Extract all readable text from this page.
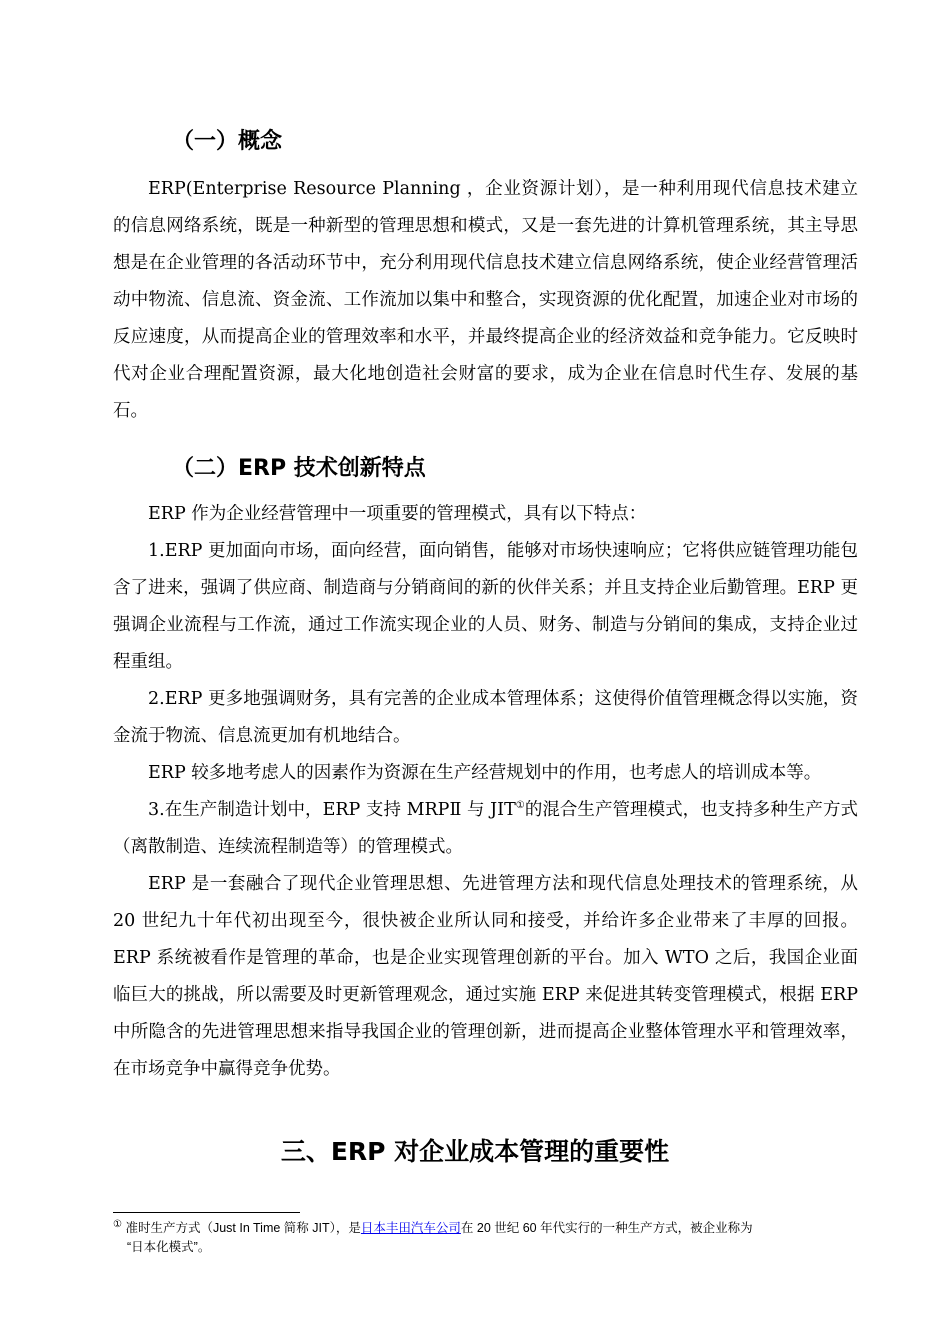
（一）概念

ERP(Enterprise Resource Planning ，企业资源计划），是一种利用现代信息技术建立的信息网络系统，既是一种新型的管理思想和模式，又是一套先进的计算机管理系统，其主导思想是在企业管理的各活动环节中，充分利用现代信息技术建立信息网络系统，使企业经营管理活动中物流、信息流、资金流、工作流加以集中和整合，实现资源的优化配置，加速企业对市场的反应速度，从而提高企业的管理效率和水平，并最终提高企业的经济效益和竞争能力。它反映时代对企业合理配置资源，最大化地创造社会财富的要求，成为企业在信息时代生存、发展的基石。

（二）ERP 技术创新特点

ERP 作为企业经营管理中一项重要的管理模式，具有以下特点：

1.ERP 更加面向市场，面向经营，面向销售，能够对市场快速响应；它将供应链管理功能包含了进来，强调了供应商、制造商与分销商间的新的伙伴关系；并且支持企业后勤管理。ERP 更强调企业流程与工作流，通过工作流实现企业的人员、财务、制造与分销间的集成，支持企业过程重组。

2.ERP 更多地强调财务，具有完善的企业成本管理体系；这使得价值管理概念得以实施，资金流于物流、信息流更加有机地结合。

ERP 较多地考虑人的因素作为资源在生产经营规划中的作用，也考虑人的培训成本等。

3.在生产制造计划中，ERP 支持 MRPⅡ 与 JIT①的混合生产管理模式，也支持多种生产方式（离散制造、连续流程制造等）的管理模式。

ERP 是一套融合了现代企业管理思想、先进管理方法和现代信息处理技术的管理系统，从 20 世纪九十年代初出现至今，很快被企业所认同和接受，并给许多企业带来了丰厚的回报。ERP 系统被看作是管理的革命，也是企业实现管理创新的平台。加入 WTO 之后，我国企业面临巨大的挑战，所以需要及时更新管理观念，通过实施 ERP 来促进其转变管理模式，根据 ERP 中所隐含的先进管理思想来指导我国企业的管理创新，进而提高企业整体管理水平和管理效率，在市场竞争中赢得竞争优势。

三、ERP 对企业成本管理的重要性
① 准时生产方式（Just In Time 简称 JIT），是日本丰田汽车公司在 20 世纪 60 年代实行的一种生产方式，被企业称为
“日本化模式”。
